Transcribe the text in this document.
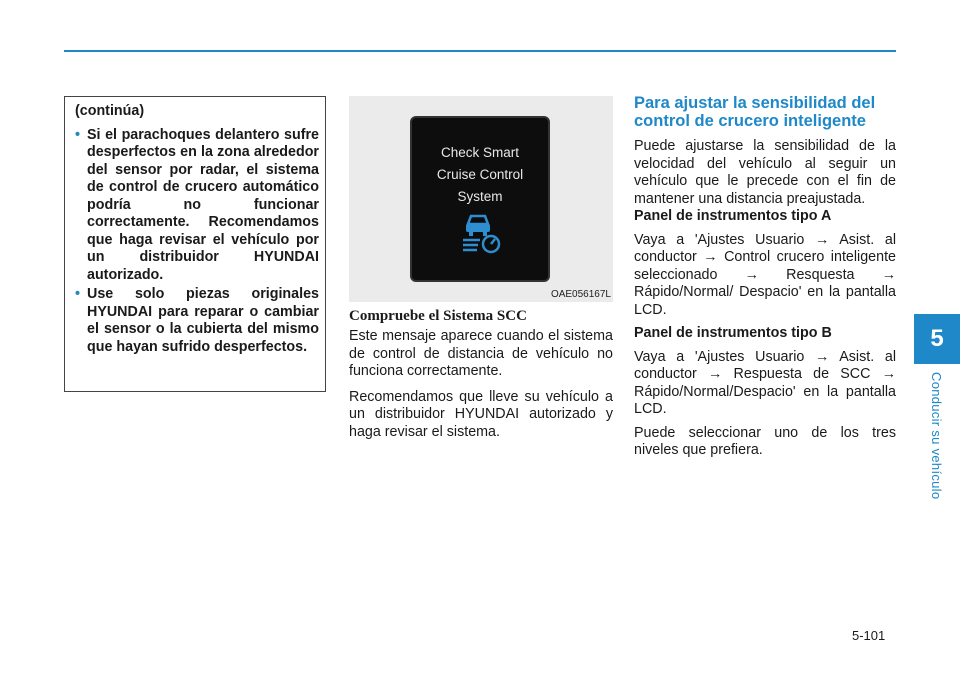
5
Conducir su vehículo
(continúa)
• Si el parachoques delantero sufre desperfectos en la zona alrededor del sensor por radar, el sistema de control de crucero automático podría no funcionar correctamente. Recomendamos que haga revisar el vehículo por un distribuidor HYUNDAI autorizado.
• Use solo piezas originales HYUNDAI para reparar o cambiar el sensor o la cubierta del mismo que hayan sufrido desperfectos.
Check Smart
Cruise Control
System
OAE056167L
Compruebe el Sistema SCC

Este mensaje aparece cuando el sistema de control de distancia de vehículo no funciona correctamente.

Recomendamos que lleve su vehículo a un distribuidor HYUNDAI autorizado y haga revisar el sistema.

Para ajustar la sensibilidad del control de crucero inteligente

Puede ajustarse la sensibilidad de la velocidad del vehículo al seguir un vehículo que le precede con el fin de mantener una distancia preajustada.

Panel de instrumentos tipo A

Vaya a 'Ajustes Usuario → Asist. al conductor → Control crucero inteligente seleccionado → Resquesta → Rápido/Normal/ Despacio' en la pantalla LCD.

Panel de instrumentos tipo B

Vaya a 'Ajustes Usuario → Asist. al conductor → Respuesta de SCC → Rápido/Normal/Despacio' en la pantalla LCD.

Puede seleccionar uno de los tres niveles que prefiera.

5-101
